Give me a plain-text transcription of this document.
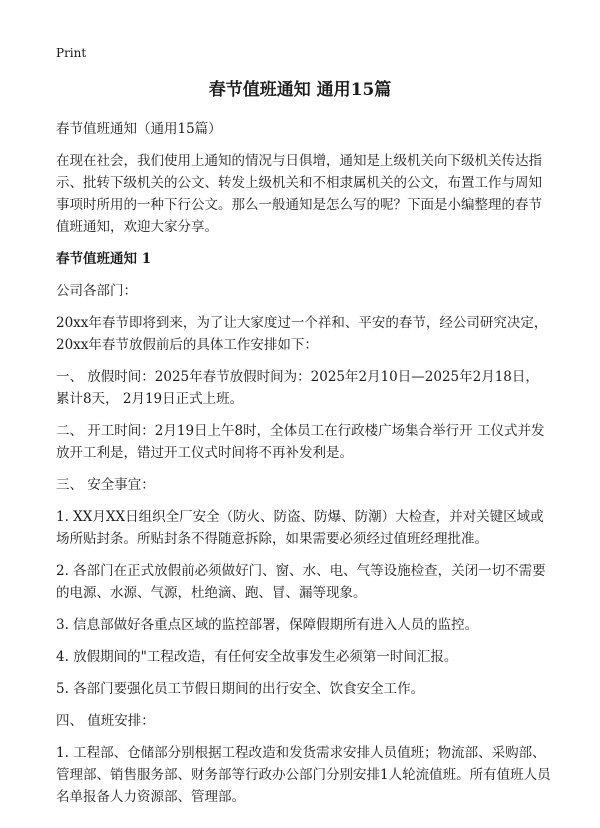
Print
春节值班通知 通用15篇

春节值班通知（通用15篇）

在现在社会，我们使用上通知的情况与日俱增，通知是上级机关向下级机关传达指示、批转下级机关的公文、转发上级机关和不相隶属机关的公文，布置工作与周知事项时所用的一种下行公文。那么一般通知是怎么写的呢？下面是小编整理的春节值班通知，欢迎大家分享。

春节值班通知 1

公司各部门：

20xx年春节即将到来，为了让大家度过一个祥和、平安的春节，经公司研究决定，20xx年春节放假前后的具体工作安排如下：

一、 放假时间：2025年春节放假时间为：2025年2月10日—2025年2月18日，累计8天， 2月19日正式上班。

二、 开工时间：2月19日上午8时，全体员工在行政楼广场集合举行开 工仪式并发放开工利是，错过开工仪式时间将不再补发利是。

三、 安全事宜：

1. XX月XX日组织全厂安全（防火、防盗、防爆、防潮）大检查，并对关键区域或场所贴封条。所贴封条不得随意拆除，如果需要必须经过值班经理批准。

2. 各部门在正式放假前必须做好门、窗、水、电、气等设施检查，关闭一切不需要的电源、水源、气源，杜绝滴、跑、冒、漏等现象。

3. 信息部做好各重点区域的监控部署，保障假期所有进入人员的监控。

4. 放假期间的"工程改造，有任何安全故事发生必须第一时间汇报。

5. 各部门要强化员工节假日期间的出行安全、饮食安全工作。

四、 值班安排：

1. 工程部、仓储部分别根据工程改造和发货需求安排人员值班；物流部、采购部、管理部、销售服务部、财务部等行政办公部门分别安排1人轮流值班。所有值班人员名单报备人力资源部、管理部。
